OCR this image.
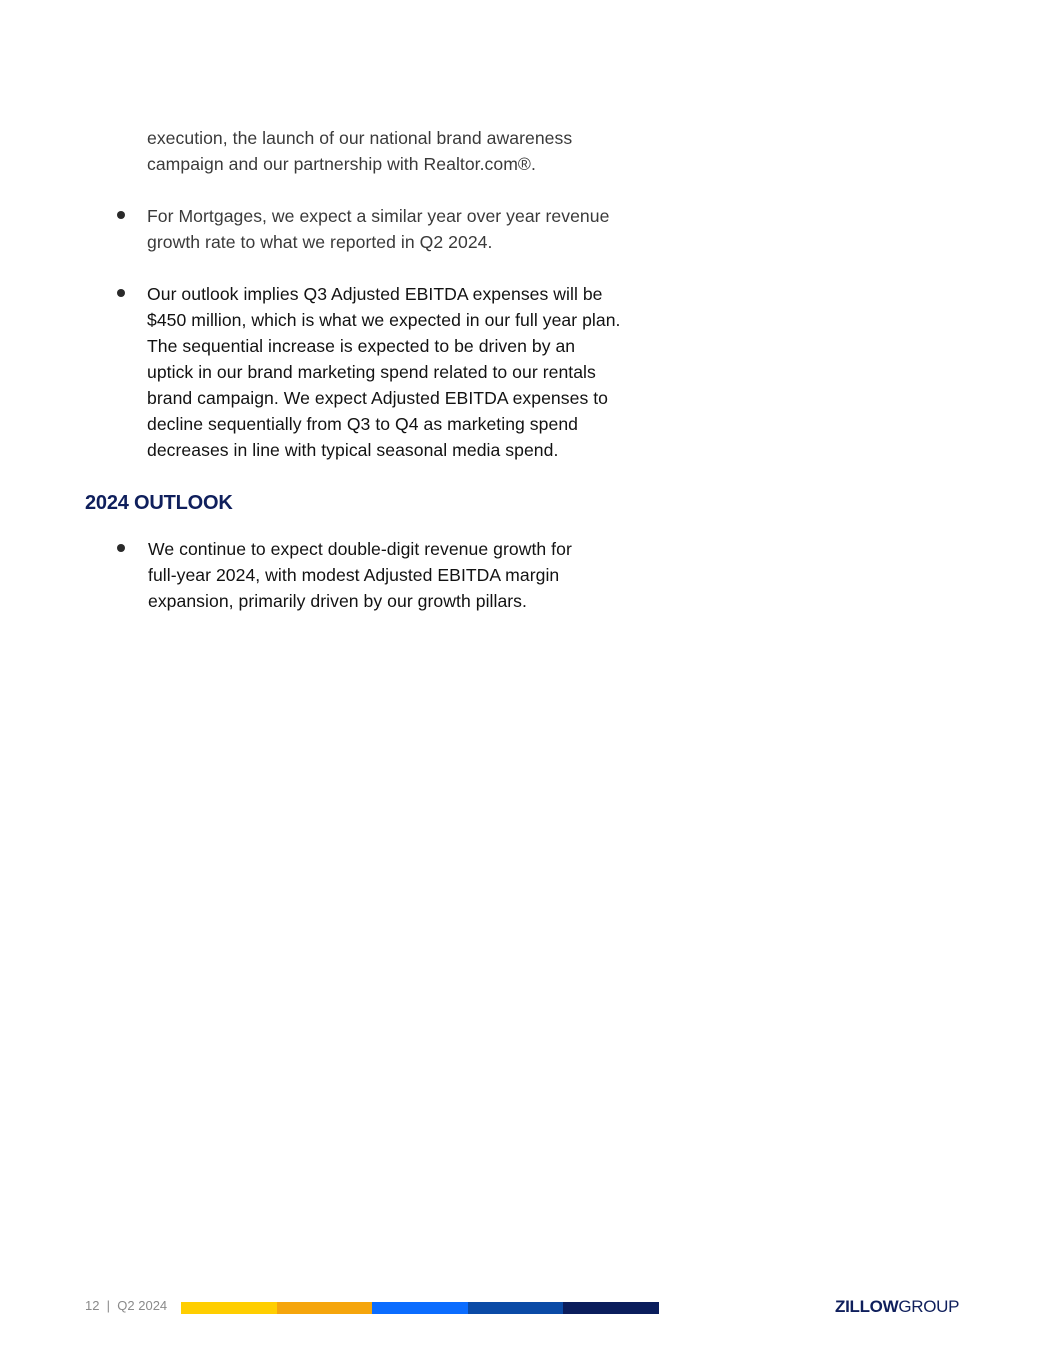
execution, the launch of our national brand awareness
campaign and our partnership with Realtor.com®.
For Mortgages, we expect a similar year over year revenue
growth rate to what we reported in Q2 2024.
Our outlook implies Q3 Adjusted EBITDA expenses will be
$450 million, which is what we expected in our full year plan.
The sequential increase is expected to be driven by an
uptick in our brand marketing spend related to our rentals
brand campaign. We expect Adjusted EBITDA expenses to
decline sequentially from Q3 to Q4 as marketing spend
decreases in line with typical seasonal media spend.
2024 OUTLOOK
We continue to expect double-digit revenue growth for
full-year 2024, with modest Adjusted EBITDA margin
expansion, primarily driven by our growth pillars.
12  |  Q2 2024	ZILLOWGROUP
